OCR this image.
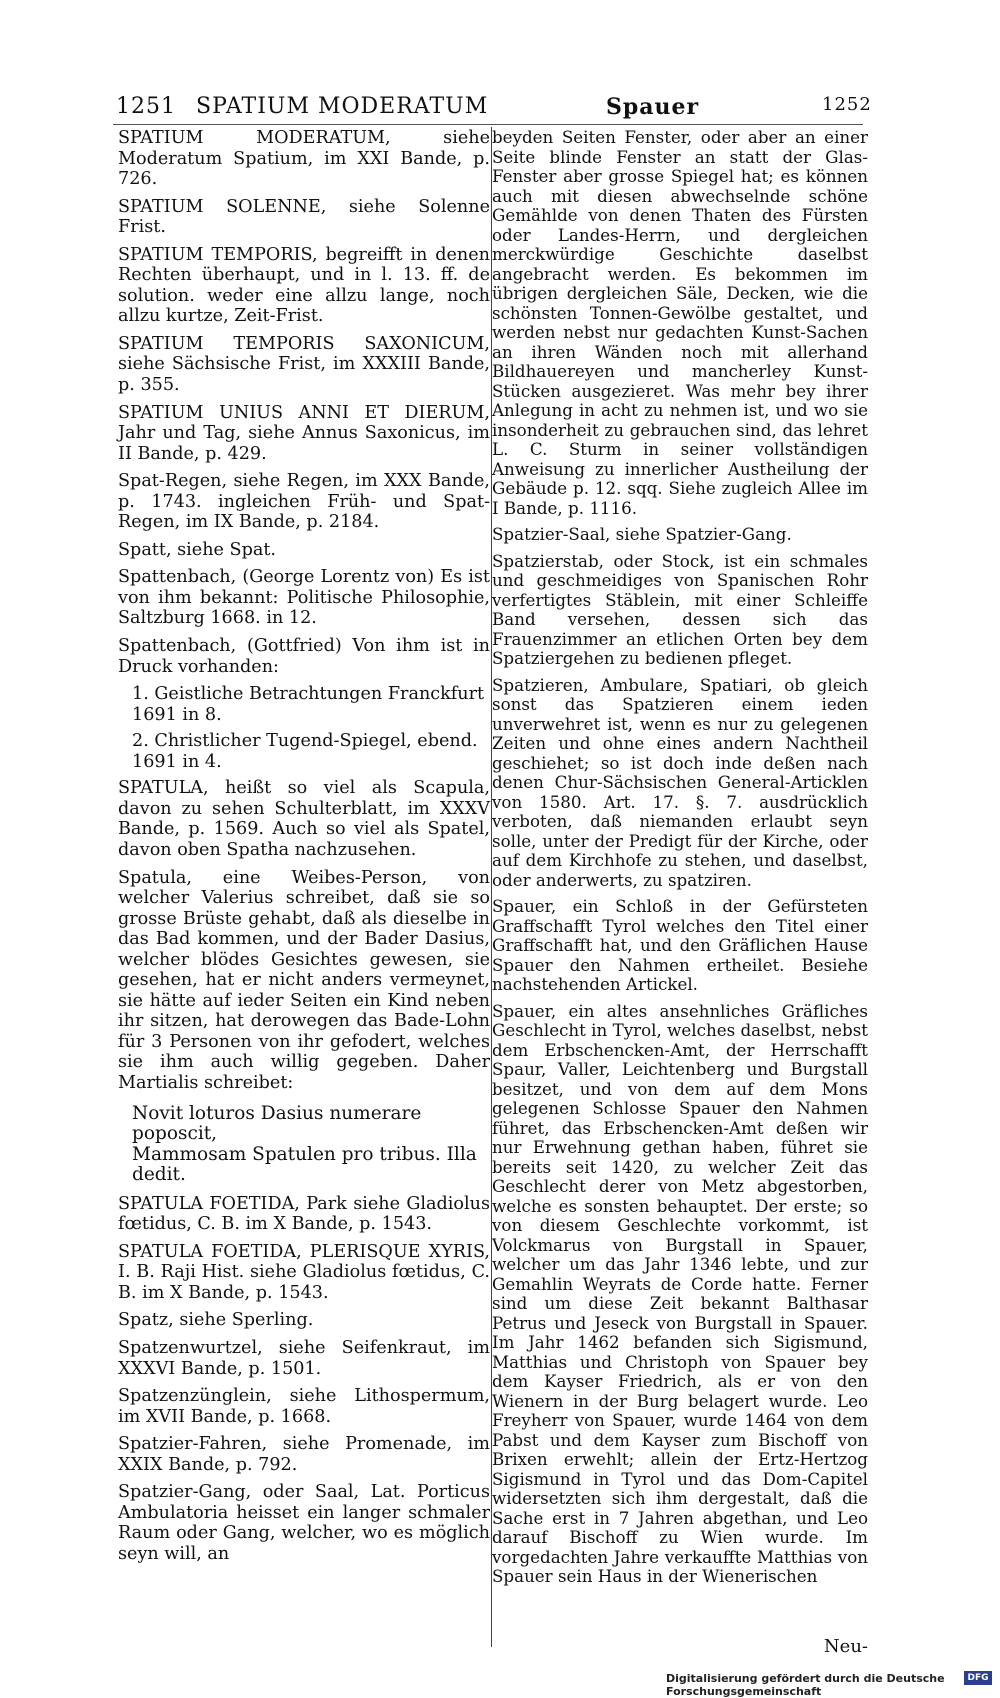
1251 SPATIUM MODERATUM	Spauer	1252

SPATIUM MODERATUM, siehe Moderatum Spatium, im XXI Bande, p. 726.

SPATIUM SOLENNE, siehe Solenne Frist.

SPATIUM TEMPORIS, begreifft in denen Rechten überhaupt, und in l. 13. ff. de solution. weder eine allzu lange, noch allzu kurtze, Zeit-Frist.

SPATIUM TEMPORIS SAXONICUM, siehe Sächsische Frist, im XXXIII Bande, p. 355.

SPATIUM UNIUS ANNI ET DIERUM, Jahr und Tag, siehe Annus Saxonicus, im II Bande, p. 429.

Spat-Regen, siehe Regen, im XXX Bande, p. 1743. ingleichen Früh- und Spat-Regen, im IX Bande, p. 2184.

Spatt, siehe Spat.

Spattenbach, (George Lorentz von) Es ist von ihm bekannt: Politische Philosophie, Saltzburg 1668. in 12.

Spattenbach, (Gottfried) Von ihm ist in Druck vorhanden:

1. Geistliche Betrachtungen Franckfurt 1691 in 8.

2. Christlicher Tugend-Spiegel, ebend. 1691 in 4.

SPATULA, heißt so viel als Scapula, davon zu sehen Schulterblatt, im XXXV Bande, p. 1569. Auch so viel als Spatel, davon oben Spatha nachzusehen.

Spatula, eine Weibes-Person, von welcher Valerius schreibet, daß sie so grosse Brüste gehabt, daß als dieselbe in das Bad kommen, und der Bader Dasius, welcher blödes Gesichtes gewesen, sie gesehen, hat er nicht anders vermeynet, sie hätte auf ieder Seiten ein Kind neben ihr sitzen, hat derowegen das Bade-Lohn für 3 Personen von ihr gefodert, welches sie ihm auch willig gegeben. Daher Martialis schreibet:

Novit loturos Dasius numerare poposcit,
Mammosam Spatulen pro tribus. Illa dedit.

SPATULA FOETIDA, Park siehe Gladiolus fœtidus, C. B. im X Bande, p. 1543.

SPATULA FOETIDA, PLERISQUE XYRIS, I. B. Raji Hist. siehe Gladiolus fœtidus, C. B. im X Bande, p. 1543.

Spatz, siehe Sperling.

Spatzenwurtzel, siehe Seifenkraut, im XXXVI Bande, p. 1501.

Spatzenzünglein, siehe Lithospermum, im XVII Bande, p. 1668.

Spatzier-Fahren, siehe Promenade, im XXIX Bande, p. 792.

Spatzier-Gang, oder Saal, Lat. Porticus Ambulatoria heisset ein langer schmaler Raum oder Gang, welcher, wo es möglich seyn will, an

beyden Seiten Fenster, oder aber an einer Seite blinde Fenster an statt der Glas-Fenster aber grosse Spiegel hat; es können auch mit diesen abwechselnde schöne Gemählde von denen Thaten des Fürsten oder Landes-Herrn, und dergleichen merckwürdige Geschichte daselbst angebracht werden. Es bekommen im übrigen dergleichen Säle, Decken, wie die schönsten Tonnen-Gewölbe gestaltet, und werden nebst nur gedachten Kunst-Sachen an ihren Wänden noch mit allerhand Bildhauereyen und mancherley Kunst-Stücken ausgezieret. Was mehr bey ihrer Anlegung in acht zu nehmen ist, und wo sie insonderheit zu gebrauchen sind, das lehret L. C. Sturm in seiner vollständigen Anweisung zu innerlicher Austheilung der Gebäude p. 12. sqq. Siehe zugleich Allee im I Bande, p. 1116.

Spatzier-Saal, siehe Spatzier-Gang.

Spatzierstab, oder Stock, ist ein schmales und geschmeidiges von Spanischen Rohr verfertigtes Stäblein, mit einer Schleiffe Band versehen, dessen sich das Frauenzimmer an etlichen Orten bey dem Spatziergehen zu bedienen pfleget.

Spatzieren, Ambulare, Spatiari, ob gleich sonst das Spatzieren einem ieden unverwehret ist, wenn es nur zu gelegenen Zeiten und ohne eines andern Nachtheil geschiehet; so ist doch inde deßen nach denen Chur-Sächsischen General-Articklen von 1580. Art. 17. §. 7. ausdrücklich verboten, daß niemanden erlaubt seyn solle, unter der Predigt für der Kirche, oder auf dem Kirchhofe zu stehen, und daselbst, oder anderwerts, zu spatziren.

Spauer, ein Schloß in der Gefürsteten Graffschafft Tyrol welches den Titel einer Graffschafft hat, und den Gräflichen Hause Spauer den Nahmen ertheilet. Besiehe nachstehenden Artickel.

Spauer, ein altes ansehnliches Gräfliches Geschlecht in Tyrol, welches daselbst, nebst dem Erbschencken-Amt, der Herrschafft Spaur, Valler, Leichtenberg und Burgstall besitzet, und von dem auf dem Mons gelegenen Schlosse Spauer den Nahmen führet, das Erbschencken-Amt deßen wir nur Erwehnung gethan haben, führet sie bereits seit 1420, zu welcher Zeit das Geschlecht derer von Metz abgestorben, welche es sonsten behauptet. Der erste; so von diesem Geschlechte vorkommt, ist Volckmarus von Burgstall in Spauer, welcher um das Jahr 1346 lebte, und zur Gemahlin Weyrats de Corde hatte. Ferner sind um diese Zeit bekannt Balthasar Petrus und Jeseck von Burgstall in Spauer. Im Jahr 1462 befanden sich Sigismund, Matthias und Christoph von Spauer bey dem Kayser Friedrich, als er von den Wienern in der Burg belagert wurde. Leo Freyherr von Spauer, wurde 1464 von dem Pabst und dem Kayser zum Bischoff von Brixen erwehlt; allein der Ertz-Hertzog Sigismund in Tyrol und das Dom-Capitel widersetzten sich ihm dergestalt, daß die Sache erst in 7 Jahren abgethan, und Leo darauf Bischoff zu Wien wurde. Im vorgedachten Jahre verkauffte Matthias von Spauer sein Haus in der Wienerischen

Neu-
Digitalisierung gefördert durch die Deutsche Forschungsgemeinschaft
DFG
